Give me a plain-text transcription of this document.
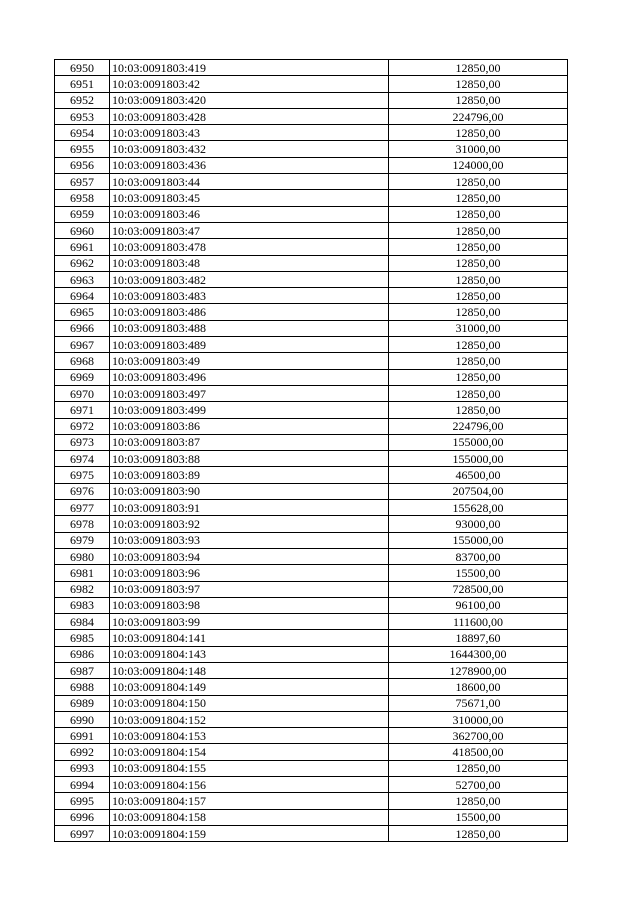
6950	10:03:0091803:419	12850,00
6951	10:03:0091803:42	12850,00
6952	10:03:0091803:420	12850,00
6953	10:03:0091803:428	224796,00
6954	10:03:0091803:43	12850,00
6955	10:03:0091803:432	31000,00
6956	10:03:0091803:436	124000,00
6957	10:03:0091803:44	12850,00
6958	10:03:0091803:45	12850,00
6959	10:03:0091803:46	12850,00
6960	10:03:0091803:47	12850,00
6961	10:03:0091803:478	12850,00
6962	10:03:0091803:48	12850,00
6963	10:03:0091803:482	12850,00
6964	10:03:0091803:483	12850,00
6965	10:03:0091803:486	12850,00
6966	10:03:0091803:488	31000,00
6967	10:03:0091803:489	12850,00
6968	10:03:0091803:49	12850,00
6969	10:03:0091803:496	12850,00
6970	10:03:0091803:497	12850,00
6971	10:03:0091803:499	12850,00
6972	10:03:0091803:86	224796,00
6973	10:03:0091803:87	155000,00
6974	10:03:0091803:88	155000,00
6975	10:03:0091803:89	46500,00
6976	10:03:0091803:90	207504,00
6977	10:03:0091803:91	155628,00
6978	10:03:0091803:92	93000,00
6979	10:03:0091803:93	155000,00
6980	10:03:0091803:94	83700,00
6981	10:03:0091803:96	15500,00
6982	10:03:0091803:97	728500,00
6983	10:03:0091803:98	96100,00
6984	10:03:0091803:99	111600,00
6985	10:03:0091804:141	18897,60
6986	10:03:0091804:143	1644300,00
6987	10:03:0091804:148	1278900,00
6988	10:03:0091804:149	18600,00
6989	10:03:0091804:150	75671,00
6990	10:03:0091804:152	310000,00
6991	10:03:0091804:153	362700,00
6992	10:03:0091804:154	418500,00
6993	10:03:0091804:155	12850,00
6994	10:03:0091804:156	52700,00
6995	10:03:0091804:157	12850,00
6996	10:03:0091804:158	15500,00
6997	10:03:0091804:159	12850,00
